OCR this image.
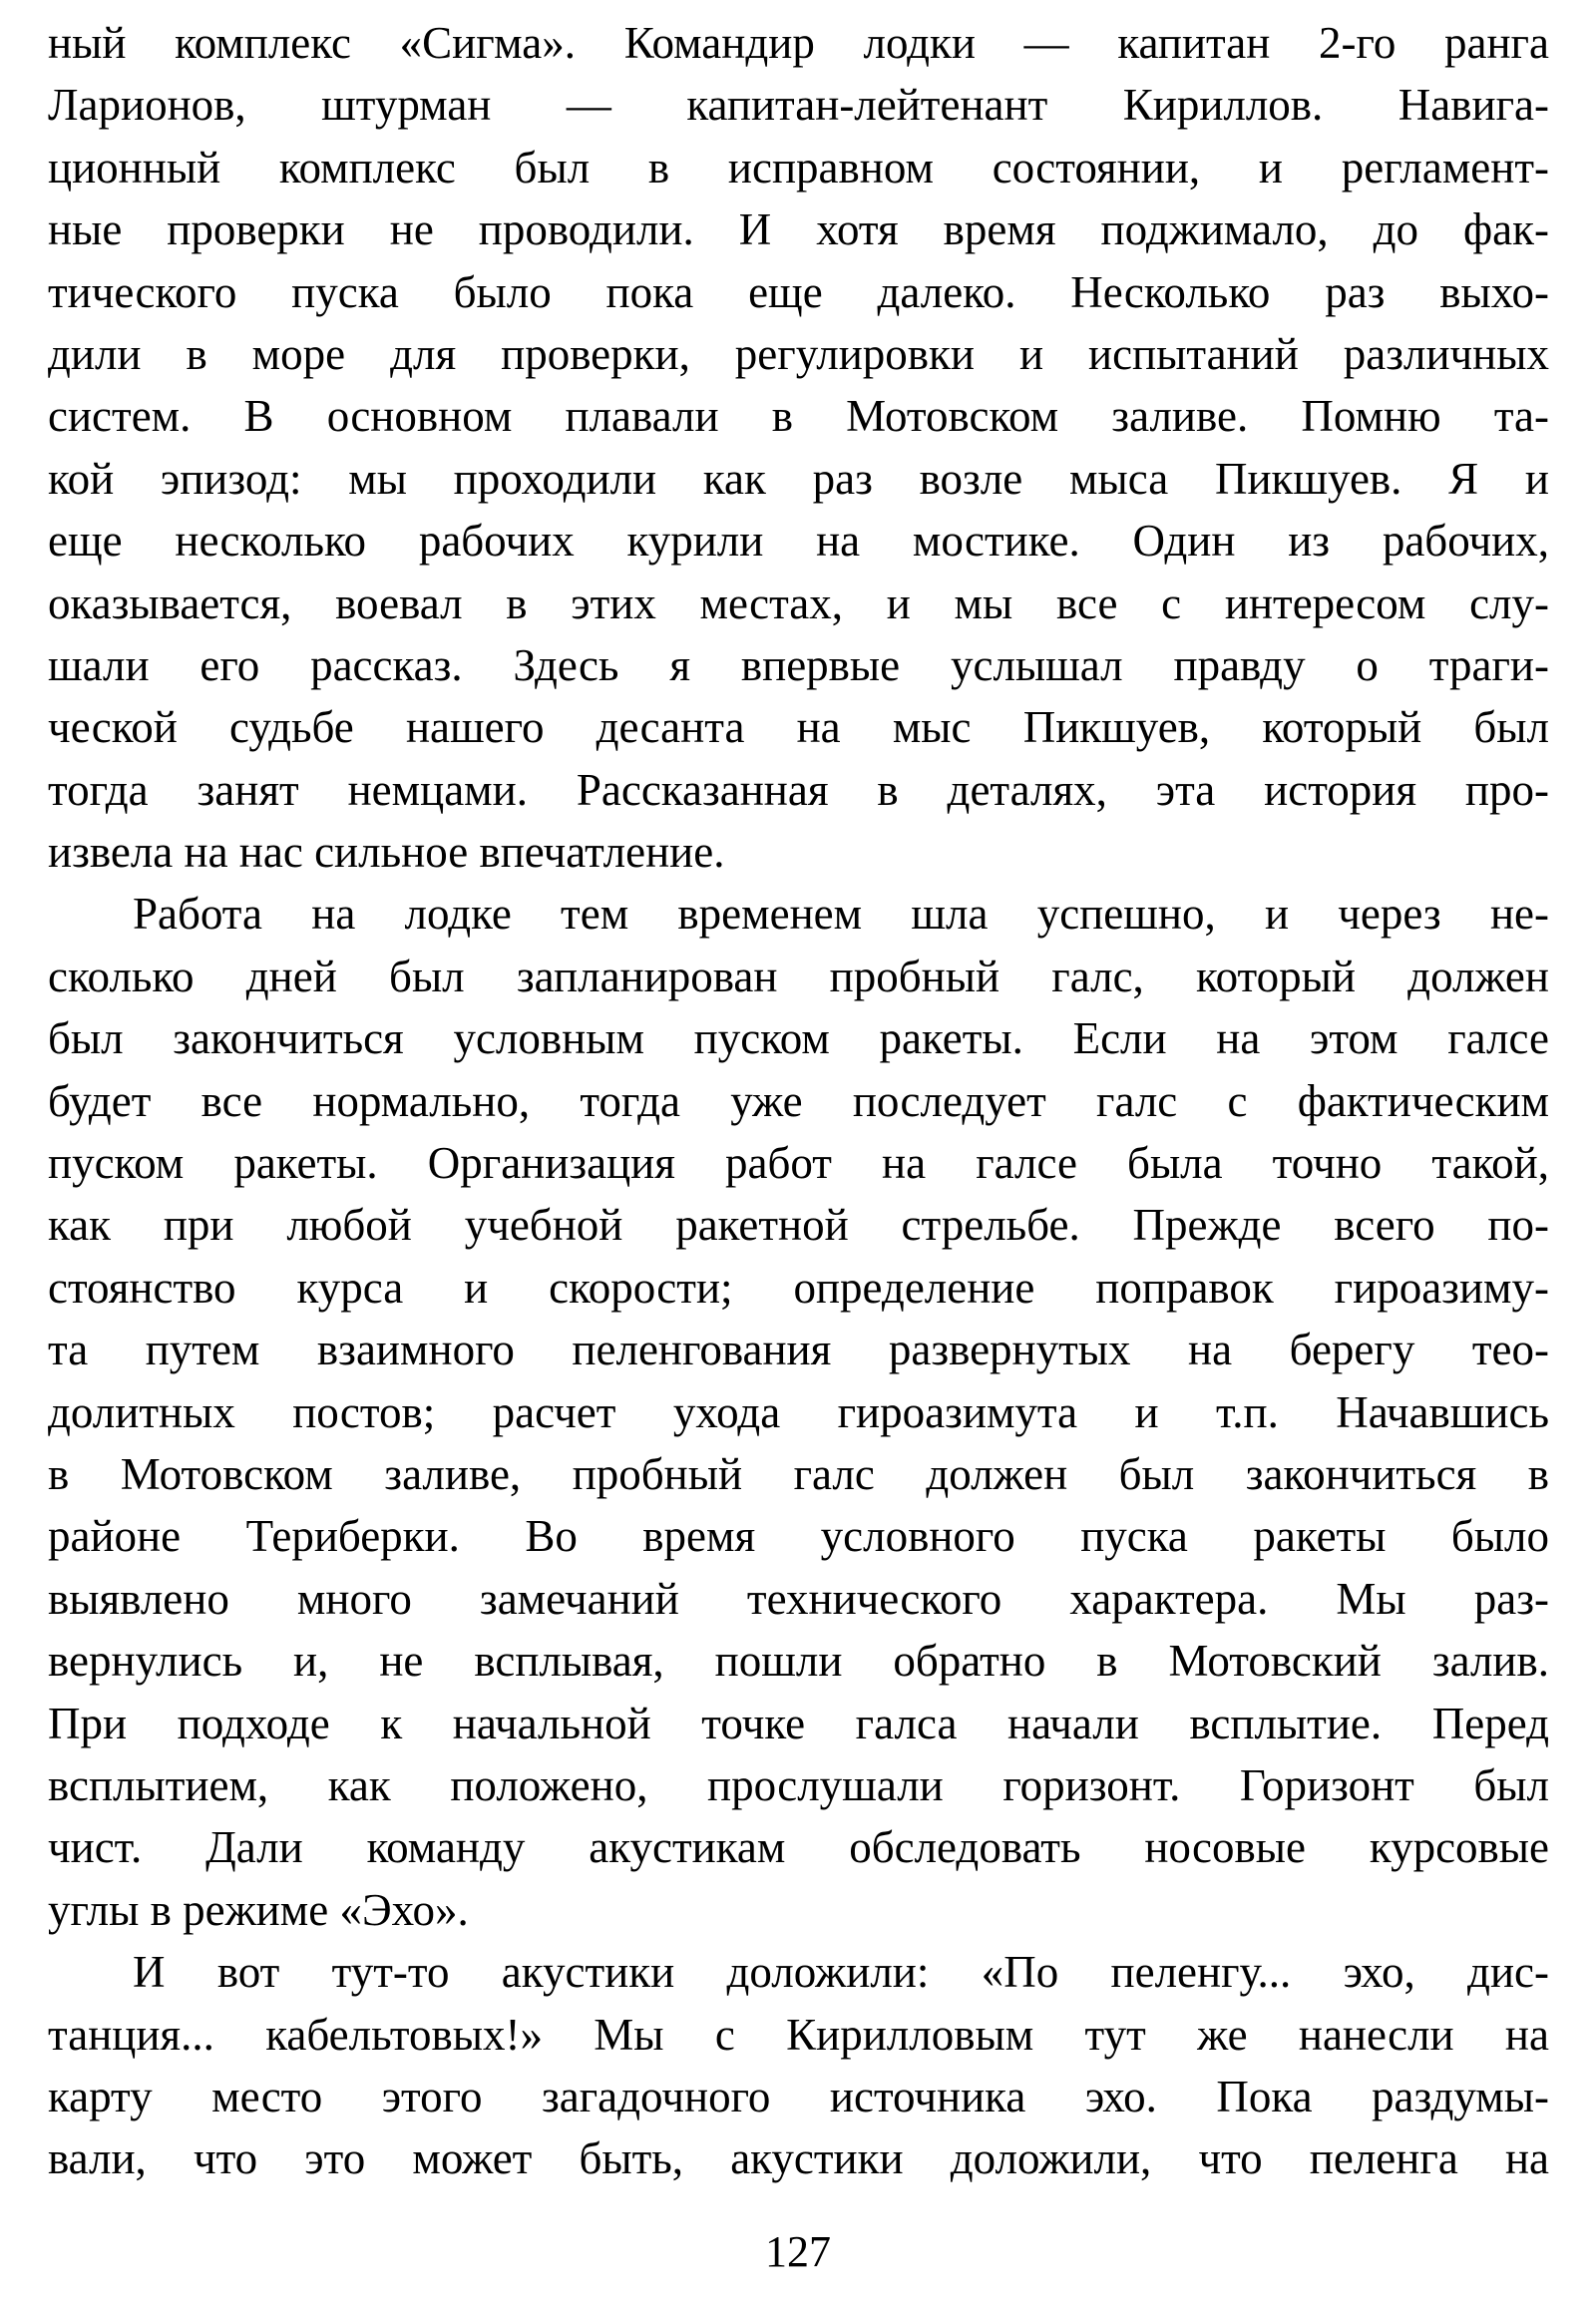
ный комплекс «Сигма». Командир лодки — капитан 2-го ранга
Ларионов, штурман — капитан-лейтенант Кириллов. Навига-
ционный комплекс был в исправном состоянии, и регламент-
ные проверки не проводили. И хотя время поджимало, до фак-
тического пуска было пока еще далеко. Несколько раз выхо-
дили в море для проверки, регулировки и испытаний различных
систем. В основном плавали в Мотовском заливе. Помню та-
кой эпизод: мы проходили как раз возле мыса Пикшуев. Я и
еще несколько рабочих курили на мостике. Один из рабочих,
оказывается, воевал в этих местах, и мы все с интересом слу-
шали его рассказ. Здесь я впервые услышал правду о траги-
ческой судьбе нашего десанта на мыс Пикшуев, который был
тогда занят немцами. Рассказанная в деталях, эта история про-
извела на нас сильное впечатление.
Работа на лодке тем временем шла успешно, и через не-
сколько дней был запланирован пробный галс, который должен
был закончиться условным пуском ракеты. Если на этом галсе
будет все нормально, тогда уже последует галс с фактическим
пуском ракеты. Организация работ на галсе была точно такой,
как при любой учебной ракетной стрельбе. Прежде всего по-
стоянство курса и скорости; определение поправок гироазиму-
та путем взаимного пеленгования развернутых на берегу тео-
долитных постов; расчет ухода гироазимута и т.п. Начавшись
в Мотовском заливе, пробный галс должен был закончиться в
районе Териберки. Во время условного пуска ракеты было
выявлено много замечаний технического характера. Мы раз-
вернулись и, не всплывая, пошли обратно в Мотовский залив.
При подходе к начальной точке галса начали всплытие. Перед
всплытием, как положено, прослушали горизонт. Горизонт был
чист. Дали команду акустикам обследовать носовые курсовые
углы в режиме «Эхо».
И вот тут-то акустики доложили: «По пеленгу... эхо, дис-
танция... кабельтовых!» Мы с Кирилловым тут же нанесли на
карту место этого загадочного источника эхо. Пока раздумы-
вали, что это может быть, акустики доложили, что пеленга на
127
